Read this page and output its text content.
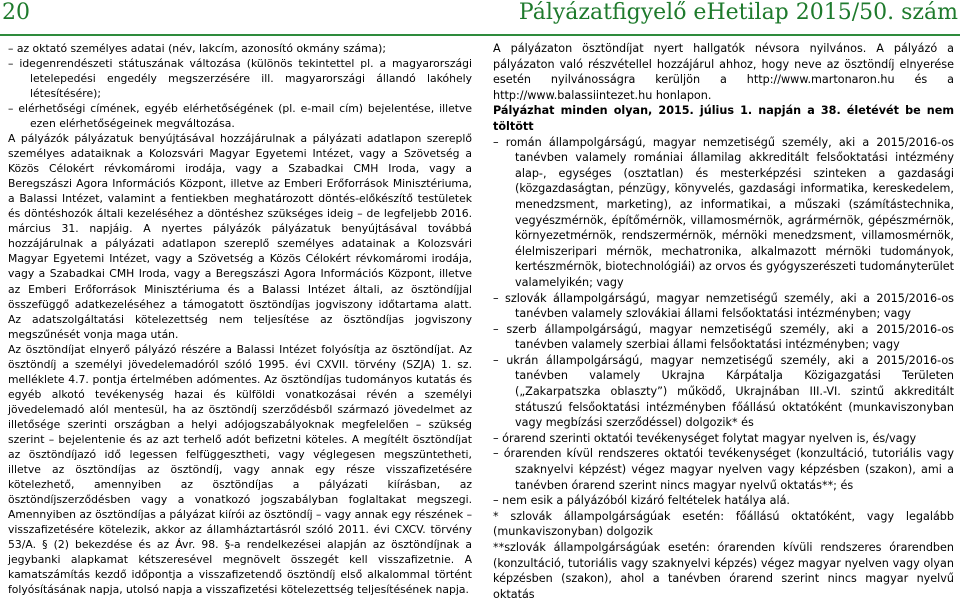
20	Pályázatfigyelő eHetilap 2015/50. szám

– az oktató személyes adatai (név, lakcím, azonosító okmány száma);

– idegenrendészeti státuszának változása (különös tekintettel pl. a magyarországi letelepedési engedély megszerzésére ill. magyarországi állandó lakóhely létesítésére);

– elérhetőségi címének, egyéb elérhetőségének (pl. e-mail cím) bejelentése, illetve ezen elérhetőségeinek megváltozása.

A pályázók pályázatuk benyújtásával hozzájárulnak a pályázati adatlapon szereplő személyes adataiknak a Kolozsvári Magyar Egyetemi Intézet, vagy a Szövetség a Közös Célokért révkomáromi irodája, vagy a Szabadkai CMH Iroda, vagy a Beregszászi Agora Információs Központ, illetve az Emberi Erőforrások Minisztériuma, a Balassi Intézet, valamint a fentiekben meghatározott döntés-előkészítő testületek és döntéshozók általi kezeléséhez a döntéshez szükséges ideig – de legfeljebb 2016. március 31. napjáig. A nyertes pályázók pályázatuk benyújtásával továbbá hozzájárulnak a pályázati adatlapon szereplő személyes adatainak a Kolozsvári Magyar Egyetemi Intézet, vagy a Szövetség a Közös Célokért révkomáromi irodája, vagy a Szabadkai CMH Iroda, vagy a Beregszászi Agora Információs Központ, illetve az Emberi Erőforrások Minisztériuma és a Balassi Intézet általi, az ösztöndíjjal összefüggő adatkezeléséhez a támogatott ösztöndíjas jogviszony időtartama alatt. Az adatszolgáltatási kötelezettség nem teljesítése az ösztöndíjas jogviszony megszűnését vonja maga után.

Az ösztöndíjat elnyerő pályázó részére a Balassi Intézet folyósítja az ösztöndíjat. Az ösztöndíj a személyi jövedelemadóról szóló 1995. évi CXVII. törvény (SZJA) 1. sz. melléklete 4.7. pontja értelmében adómentes. Az ösztöndíjas tudományos kutatás és egyéb alkotó tevékenység hazai és külföldi vonatkozásai révén a személyi jövedelemadó alól mentesül, ha az ösztöndíj szerződésből származó jövedelmet az illetősége szerinti országban a helyi adójogszabályoknak megfelelően – szükség szerint – bejelentenie és az azt terhelő adót befizetni köteles. A megítélt ösztöndíjat az ösztöndíjazó idő legessen felfüggesztheti, vagy véglegesen megszüntetheti, illetve az ösztöndíjas az ösztöndíj, vagy annak egy része visszafizetésére kötelezhető, amennyiben az ösztöndíjas a pályázati kiírásban, az ösztöndíjszerződésben vagy a vonatkozó jogszabályban foglaltakat megszegi. Amennyiben az ösztöndíjas a pályázat kiírói az ösztöndíj – vagy annak egy részének – visszafizetésére kötelezik, akkor az államháztartásról szóló 2011. évi CXCV. törvény 53/A. § (2) bekezdése és az Ávr. 98. §-a rendelkezései alapján az ösztöndíjnak a jegybanki alapkamat kétszeresével megnövelt összegét kell visszafizetnie. A kamatszámítás kezdő időpontja a visszafizetendő ösztöndíj első alkalommal történt folyósításának napja, utolsó napja a visszafizetési kötelezettség teljesítésének napja.

A pályázaton ösztöndíjat nyert hallgatók névsora nyilvános. A pályázó a pályázaton való részvétellel hozzájárul ahhoz, hogy neve az ösztöndíj elnyerése esetén nyilvánosságra kerüljön a http://www.martonaron.hu és a http://www.balassiintezet.hu honlapon.

Pályázhat minden olyan, 2015. július 1. napján a 38. életévét be nem töltött

– román állampolgárságú, magyar nemzetiségű személy, aki a 2015/2016-os tanévben valamely romániai államilag akkreditált felsőoktatási intézmény alap-, egységes (osztatlan) és mesterképzési szinteken a gazdasági (közgazdaságtan, pénzügy, könyvelés, gazdasági informatika, kereskedelem, menedzsment, marketing), az informatikai, a műszaki (számítástechnika, vegyészmérnök, építőmérnök, villamosmérnök, agrármérnök, gépészmérnök, környezetmérnök, rendszermérnök, mérnöki menedzsment, villamosmérnök, élelmiszeripari mérnök, mechatronika, alkalmazott mérnöki tudományok, kertészmérnök, biotechnológiái) az orvos és gyógyszerészeti tudományterület valamelyikén; vagy

– szlovák állampolgárságú, magyar nemzetiségű személy, aki a 2015/2016-os tanévben valamely szlovákiai állami felsőoktatási intézményben; vagy

– szerb állampolgárságú, magyar nemzetiségű személy, aki a 2015/2016-os tanévben valamely szerbiai állami felsőoktatási intézményben; vagy

– ukrán állampolgárságú, magyar nemzetiségű személy, aki a 2015/2016-os tanévben valamely Ukrajna Kárpátalja Közigazgatási Területen („Zakarpatszka oblaszty”) működő, Ukrajnában III.-VI. szintű akkreditált státuszú felsőoktatási intézményben főállású oktatóként (munkaviszonyban vagy megbízási szerződéssel) dolgozik* és

– órarend szerinti oktatói tevékenységet folytat magyar nyelven is, és/vagy

– órarenden kívül rendszeres oktatói tevékenységet (konzultáció, tutoriális vagy szaknyelvi képzést) végez magyar nyelven vagy képzésben (szakon), ami a tanévben órarend szerint nincs magyar nyelvű oktatás**; és

– nem esik a pályázóból kizáró feltételek hatálya alá.

* szlovák állampolgárságúak esetén: főállású oktatóként, vagy legalább (munkaviszonyban) dolgozik

**szlovák állampolgárságúak esetén: órarenden kívüli rendszeres órarendben (konzultáció, tutoriális vagy szaknyelvi képzés) végez magyar nyelven vagy olyan képzésben (szakon), ahol a tanévben órarend szerint nincs magyar nyelvű oktatás
